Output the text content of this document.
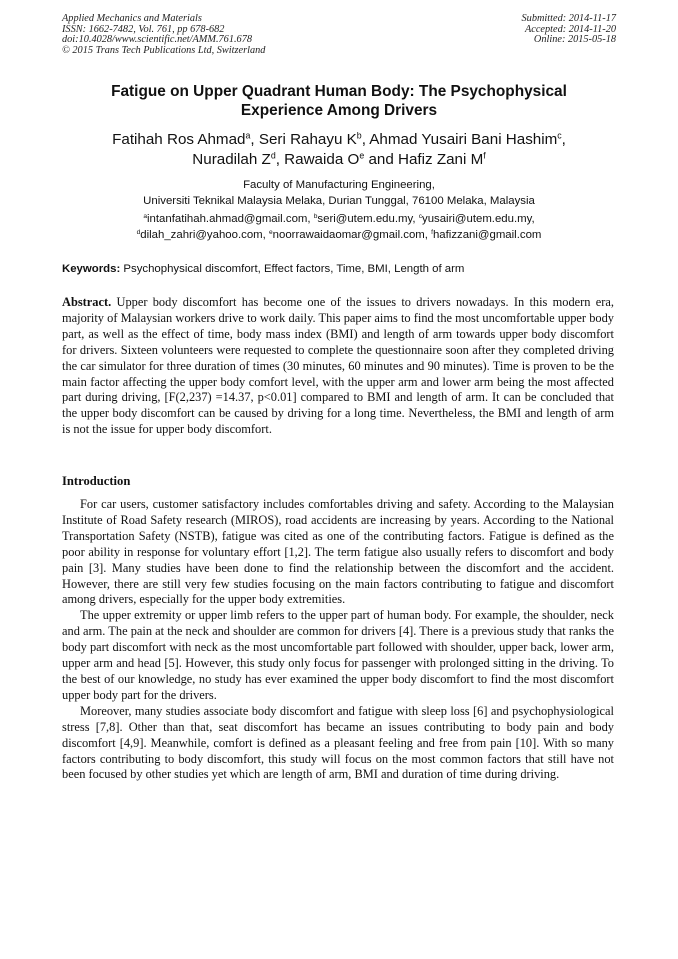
Applied Mechanics and Materials
ISSN: 1662-7482, Vol. 761, pp 678-682
doi:10.4028/www.scientific.net/AMM.761.678
© 2015 Trans Tech Publications Ltd, Switzerland
Submitted: 2014-11-17
Accepted: 2014-11-20
Online: 2015-05-18
Fatigue on Upper Quadrant Human Body: The Psychophysical Experience Among Drivers
Fatihah Ros Ahmad$^a$, Seri Rahayu $K^b$, Ahmad Yusairi Bani Hashim$^c$,
Nuradilah $Z^d$, Rawaida $O^e$ and Hafiz Zani $M^f$
Faculty of Manufacturing Engineering,
Universiti Teknikal Malaysia Melaka, Durian Tunggal, 76100 Melaka, Malaysia
$^a$intanfatihah.ahmad@gmail.com, $^b$seri@utem.edu.my, $^c$yusairi@utem.edu.my,
$^d$dilah_zahri@yahoo.com, $^e$noorrawaidaomar@gmail.com, $^f$hafizzani@gmail.com
Keywords: Psychophysical discomfort, Effect factors, Time, BMI, Length of arm
Abstract. Upper body discomfort has become one of the issues to drivers nowadays. In this modern era, majority of Malaysian workers drive to work daily. This paper aims to find the most uncomfortable upper body part, as well as the effect of time, body mass index (BMI) and length of arm towards upper body discomfort for drivers. Sixteen volunteers were requested to complete the questionnaire soon after they completed driving the car simulator for three duration of times (30 minutes, 60 minutes and 90 minutes). Time is proven to be the main factor affecting the upper body comfort level, with the upper arm and lower arm being the most affected part during driving, [F(2,237) =14.37, p<0.01] compared to BMI and length of arm. It can be concluded that the upper body discomfort can be caused by driving for a long time. Nevertheless, the BMI and length of arm is not the issue for upper body discomfort.
Introduction

For car users, customer satisfactory includes comfortables driving and safety. According to the Malaysian Institute of Road Safety research (MIROS), road accidents are increasing by years. According to the National Transportation Safety (NSTB), fatigue was cited as one of the contributing factors. Fatigue is defined as the poor ability in response for voluntary effort [1,2]. The term fatigue also usually refers to discomfort and body pain [3]. Many studies have been done to find the relationship between the discomfort and the accident. However, there are still very few studies focusing on the main factors contributing to fatigue and discomfort among drivers, especially for the upper body extremities.

The upper extremity or upper limb refers to the upper part of human body. For example, the shoulder, neck and arm. The pain at the neck and shoulder are common for drivers [4]. There is a previous study that ranks the body part discomfort with neck as the most uncomfortable part followed with shoulder, upper back, lower arm, upper arm and head [5]. However, this study only focus for passenger with prolonged sitting in the driving. To the best of our knowledge, no study has ever examined the upper body discomfort to find the most discomfort upper body part for the drivers.

Moreover, many studies associate body discomfort and fatigue with sleep loss [6] and psychophysiological stress [7,8]. Other than that, seat discomfort has became an issues contributing to body pain and body discomfort [4,9]. Meanwhile, comfort is defined as a pleasant feeling and free from pain [10]. With so many factors contributing to body discomfort, this study will focus on the most common factors that still have not been focused by other studies yet which are length of arm, BMI and duration of time during driving.
